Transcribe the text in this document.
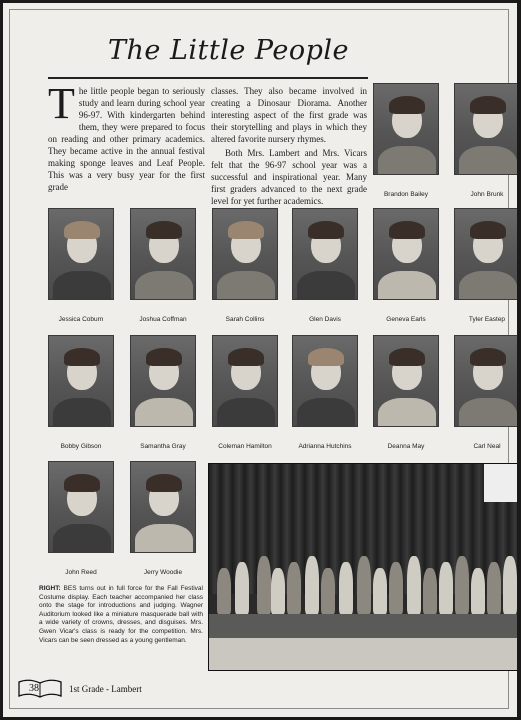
The Little People
T he little people began to seriously study and learn during school year 96-97. With kindergarten behind them, they were prepared to focus on reading and other primary academics. They became active in the annual festival making sponge leaves and Leaf People. This was a very busy year for the first grade

classes. They also became involved in creating a Dinosaur Diorama. Another interesting aspect of the first grade was their storytelling and plays in which they altered favorite nursery rhymes.

Both Mrs. Lambert and Mrs. Vicars felt that the 96-97 school year was a successful and inspirational year. Many first graders advanced to the next grade level for yet further academics.

Brandon Bailey	John Brunk
Jessica Coburn	Joshua Coffman	Sarah Collins	Glen Davis	Geneva Earls	Tyler Eastep
Bobby Gibson	Samantha Gray	Coleman Hamilton	Adrianna Hutchins	Deanna May	Carl Neal
John Reed	Jerry Woodie
RIGHT: BES turns out in full force for the Fall Festival Costume display. Each teacher accompanied her class onto the stage for introductions and judging. Wagner Auditorium looked like a miniature masquerade ball with a wide variety of crowns, dresses, and disguises. Mrs. Gwen Vicar's class is ready for the competition. Mrs. Vicars can be seen dressed as a young gentleman.
38	1st Grade - Lambert
